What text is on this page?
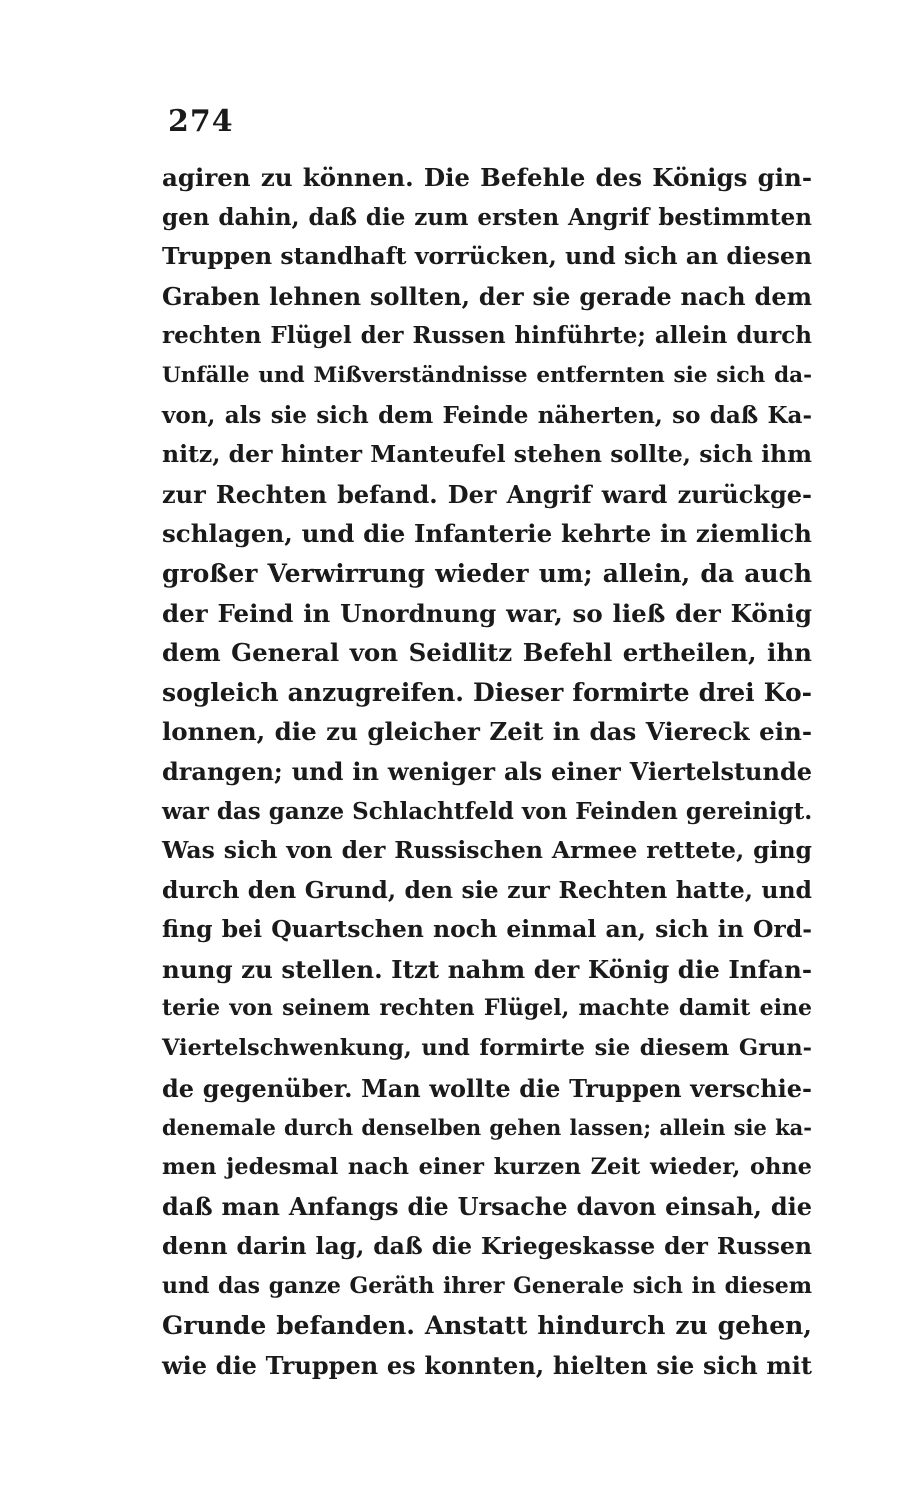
274
agiren zu können. Die Befehle des Königs gin-
gen dahin, daß die zum ersten Angrif bestimmten
Truppen standhaft vorrücken, und sich an diesen
Graben lehnen sollten, der sie gerade nach dem
rechten Flügel der Russen hinführte; allein durch
Unfälle und Mißverständnisse entfernten sie sich da-
von, als sie sich dem Feinde näherten, so daß Ka-
nitz, der hinter Manteufel stehen sollte, sich ihm
zur Rechten befand. Der Angrif ward zurückge-
schlagen, und die Infanterie kehrte in ziemlich
großer Verwirrung wieder um; allein, da auch
der Feind in Unordnung war, so ließ der König
dem General von Seidlitz Befehl ertheilen, ihn
sogleich anzugreifen. Dieser formirte drei Ko-
lonnen, die zu gleicher Zeit in das Viereck ein-
drangen; und in weniger als einer Viertelstunde
war das ganze Schlachtfeld von Feinden gereinigt.
Was sich von der Russischen Armee rettete, ging
durch den Grund, den sie zur Rechten hatte, und
fing bei Quartschen noch einmal an, sich in Ord-
nung zu stellen. Itzt nahm der König die Infan-
terie von seinem rechten Flügel, machte damit eine
Viertelschwenkung, und formirte sie diesem Grun-
de gegenüber. Man wollte die Truppen verschie-
denemale durch denselben gehen lassen; allein sie ka-
men jedesmal nach einer kurzen Zeit wieder, ohne
daß man Anfangs die Ursache davon einsah, die
denn darin lag, daß die Kriegeskasse der Russen
und das ganze Geräth ihrer Generale sich in diesem
Grunde befanden. Anstatt hindurch zu gehen,
wie die Truppen es konnten, hielten sie sich mit
